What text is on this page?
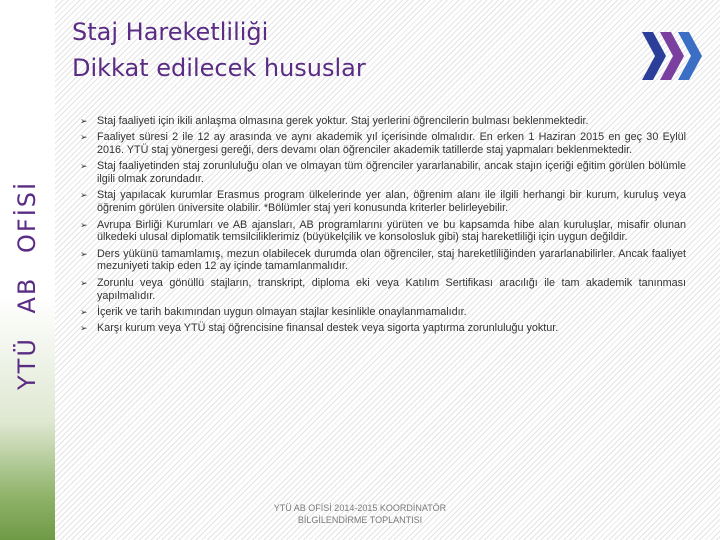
YTÜ AB OFİSİ
Staj Hareketliliği
Dikkat edilecek hususlar
➢ Staj faaliyeti için ikili anlaşma olmasına gerek yoktur. Staj yerlerini öğrencilerin bulması beklenmektedir.
➢ Faaliyet süresi 2 ile 12 ay arasında ve aynı akademik yıl içerisinde olmalıdır. En erken 1 Haziran 2015 en geç 30 Eylül 2016. YTÜ staj yönergesi gereği, ders devamı olan öğrenciler akademik tatillerde staj yapmaları beklenmektedir.
➢ Staj faaliyetinden staj zorunluluğu olan ve olmayan tüm öğrenciler yararlanabilir, ancak stajın içeriği eğitim görülen bölümle ilgili olmak zorundadır.
➢ Staj yapılacak kurumlar Erasmus program ülkelerinde yer alan, öğrenim alanı ile ilgili herhangi bir kurum, kuruluş veya öğrenim görülen üniversite olabilir. *Bölümler staj yeri konusunda kriterler belirleyebilir.
➢ Avrupa Birliği Kurumları ve AB ajansları, AB programlarını yürüten ve bu kapsamda hibe alan kuruluşlar, misafir olunan ülkedeki ulusal diplomatik temsilciliklerimiz (büyükelçilik ve konsolosluk gibi) staj hareketliliği için uygun değildir.
➢ Ders yükünü tamamlamış, mezun olabilecek durumda olan öğrenciler, staj hareketliliğinden yararlanabilirler. Ancak faaliyet mezuniyeti takip eden 12 ay içinde tamamlanmalıdır.
➢ Zorunlu veya gönüllü stajların, transkript, diploma eki veya Katılım Sertifikası aracılığı ile tam akademik tanınması yapılmalıdır.
➢ İçerik ve tarih bakımından uygun olmayan stajlar kesinlikle onaylanmamalıdır.
➢ Karşı kurum veya YTÜ staj öğrencisine finansal destek veya sigorta yaptırma zorunluluğu yoktur.
YTÜ AB OFİSİ 2014-2015 KOORDİNATÖR
BİLGİLENDİRME TOPLANTISI
